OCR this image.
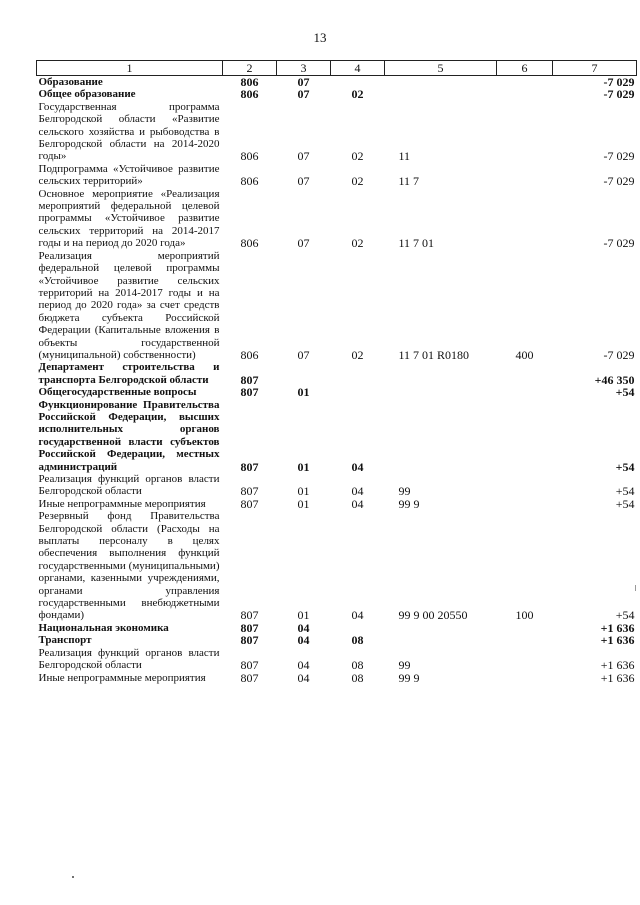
13
1	2	3	4	5	6	7
Образование	806	07				-7 029
Общее образование	806	07	02			-7 029
Государственная программа Белгородской области «Развитие сельского хозяйства и рыбоводства в Белгородской области на 2014-2020 годы»	806	07	02	11		-7 029
Подпрограмма «Устойчивое развитие сельских территорий»	806	07	02	11 7		-7 029
Основное мероприятие «Реализация мероприятий федеральной целевой программы «Устойчивое развитие сельских территорий на 2014-2017 годы и на период до 2020 года»	806	07	02	11 7 01		-7 029
Реализация мероприятий федеральной целевой программы «Устойчивое развитие сельских территорий на 2014-2017 годы и на период до 2020 года» за счет средств бюджета субъекта Российской Федерации (Капитальные вложения в объекты государственной (муниципальной) собственности)	806	07	02	11 7 01 R0180	400	-7 029
Департамент строительства и транспорта Белгородской области	807					+46 350
Общегосударственные вопросы	807	01				+54
Функционирование Правительства Российской Федерации, высших исполнительных органов государственной власти субъектов Российской Федерации, местных администраций	807	01	04			+54
Реализация функций органов власти Белгородской области	807	01	04	99		+54
Иные непрограммные мероприятия	807	01	04	99 9		+54
Резервный фонд Правительства Белгородской области (Расходы на выплаты персоналу в целях обеспечения выполнения функций государственными (муниципальными) органами, казенными учреждениями, органами управления государственными внебюджетными фондами)	807	01	04	99 9 00 20550	100	+54
Национальная экономика	807	04				+1 636
Транспорт	807	04	08			+1 636
Реализация функций органов власти Белгородской области	807	04	08	99		+1 636
Иные непрограммные мероприятия	807	04	08	99 9		+1 636
